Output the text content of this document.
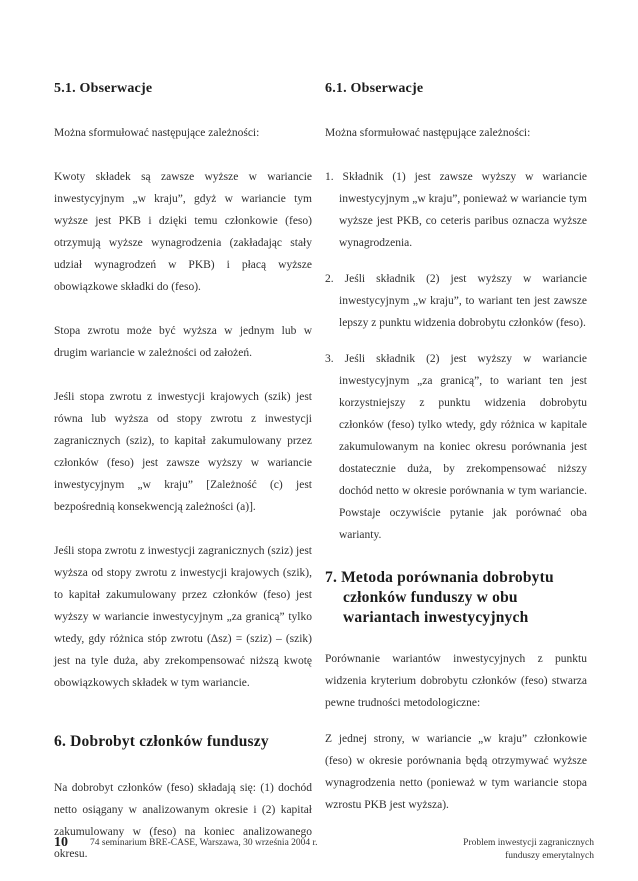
5.1. Obserwacje

Można sformułować następujące zależności:

Kwoty składek są zawsze wyższe w wariancie inwestycyjnym „w kraju”, gdyż w wariancie tym wyższe jest PKB i dzięki temu członkowie (feso) otrzymują wyższe wynagrodzenia (zakładając stały udział wynagrodzeń w PKB) i płacą wyższe obowiązkowe składki do (feso).

Stopa zwrotu może być wyższa w jednym lub w drugim wariancie w zależności od założeń.

Jeśli stopa zwrotu z inwestycji krajowych (szik) jest równa lub wyższa od stopy zwrotu z inwestycji zagranicznych (sziz), to kapitał zakumulowany przez członków (feso) jest zawsze wyższy w wariancie inwestycyjnym „w kraju” [Zależność (c) jest bezpośrednią konsekwencją zależności (a)].

Jeśli stopa zwrotu z inwestycji zagranicznych (sziz) jest wyższa od stopy zwrotu z inwestycji krajowych (szik), to kapitał zakumulowany przez członków (feso) jest wyższy w wariancie inwestycyjnym „za granicą” tylko wtedy, gdy różnica stóp zwrotu (Δsz) = (sziz) – (szik) jest na tyle duża, aby zrekompensować niższą kwotę obowiązkowych składek w tym wariancie.

6. Dobrobyt członków funduszy

Na dobrobyt członków (feso) składają się: (1) dochód netto osiągany w analizowanym okresie i (2) kapitał zakumulowany w (feso) na koniec analizowanego okresu.

6.1. Obserwacje

Można sformułować następujące zależności:

1. Składnik (1) jest zawsze wyższy w wariancie inwestycyjnym „w kraju”, ponieważ w wariancie tym wyższe jest PKB, co ceteris paribus oznacza wyższe wynagrodzenia.
2. Jeśli składnik (2) jest wyższy w wariancie inwestycyjnym „w kraju”, to wariant ten jest zawsze lepszy z punktu widzenia dobrobytu członków (feso).
3. Jeśli składnik (2) jest wyższy w wariancie inwestycyjnym „za granicą”, to wariant ten jest korzystniejszy z punktu widzenia dobrobytu członków (feso) tylko wtedy, gdy różnica w kapitale zakumulowanym na koniec okresu porównania jest dostatecznie duża, by zrekompensować niższy dochód netto w okresie porównania w tym wariancie. Powstaje oczywiście pytanie jak porównać oba warianty.
7. Metoda porównania dobrobytu członków funduszy w obu wariantach inwestycyjnych

Porównanie wariantów inwestycyjnych z punktu widzenia kryterium dobrobytu członków (feso) stwarza pewne trudności metodologiczne:

Z jednej strony, w wariancie „w kraju” członkowie (feso) w okresie porównania będą otrzymywać wyższe wynagrodzenia netto (ponieważ w tym wariancie stopa wzrostu PKB jest wyższa).

10 74 seminarium BRE-CASE, Warszawa, 30 września 2004 r.	Problem inwestycji zagranicznych
funduszy emerytalnych
